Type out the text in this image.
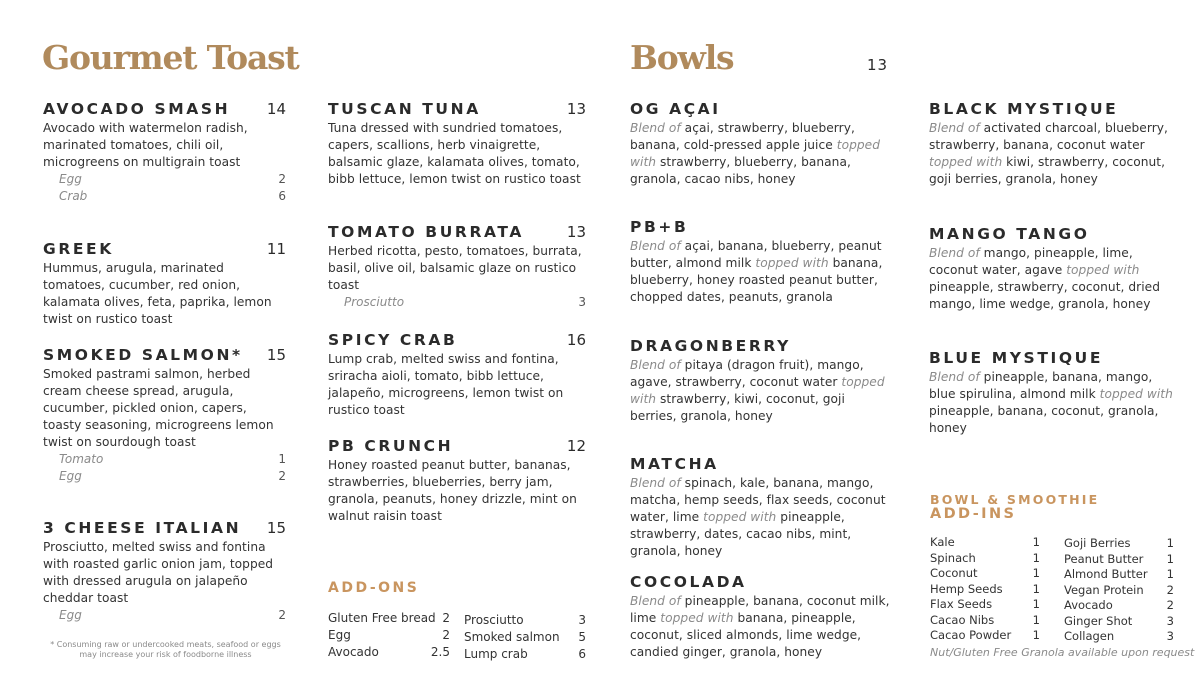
Gourmet Toast	Bowls	13
AVOCADO SMASH 14
Avocado with watermelon radish, marinated tomatoes, chili oil, microgreens on multigrain toast
Egg	2
Crab	6
GREEK	11
Hummus, arugula, marinated tomatoes, cucumber, red onion, kalamata olives, feta, paprika, lemon twist on rustico toast
SMOKED SALMON* 15
Smoked pastrami salmon, herbed cream cheese spread, arugula, cucumber, pickled onion, capers, toasty seasoning, microgreens lemon twist on sourdough toast
Tomato	1
Egg	2
3 CHEESE ITALIAN 15
Prosciutto, melted swiss and fontina with roasted garlic onion jam, topped with dressed arugula on jalapeño cheddar toast
Egg	2
* Consuming raw or undercooked meats, seafood or eggs may increase your risk of foodborne illness
TUSCAN TUNA	13
Tuna dressed with sundried tomatoes, capers, scallions, herb vinaigrette, balsamic glaze, kalamata olives, tomato, bibb lettuce, lemon twist on rustico toast
TOMATO BURRATA	13
Herbed ricotta, pesto, tomatoes, burrata, basil, olive oil, balsamic glaze on rustico toast
Prosciutto	3
SPICY CRAB	16
Lump crab, melted swiss and fontina, sriracha aioli, tomato, bibb lettuce, jalapeño, microgreens, lemon twist on rustico toast
PB CRUNCH	12
Honey roasted peanut butter, bananas, strawberries, blueberries, berry jam, granola, peanuts, honey drizzle, mint on walnut raisin toast
ADD-ONS
Gluten Free bread 2
Egg	2
Avocado	2.5
Prosciutto	3
Smoked salmon 5
Lump crab	6
OG AÇAI
Blend of açai, strawberry, blueberry, banana, cold-pressed apple juice topped with strawberry, blueberry, banana, granola, cacao nibs, honey
PB+B
Blend of açai, banana, blueberry, peanut butter, almond milk topped with banana, blueberry, honey roasted peanut butter, chopped dates, peanuts, granola
DRAGONBERRY
Blend of pitaya (dragon fruit), mango, agave, strawberry, coconut water topped with strawberry, kiwi, coconut, goji berries, granola, honey
MATCHA
Blend of spinach, kale, banana, mango, matcha, hemp seeds, flax seeds, coconut water, lime topped with pineapple, strawberry, dates, cacao nibs, mint, granola, honey
COCOLADA
Blend of pineapple, banana, coconut milk, lime topped with banana, pineapple, coconut, sliced almonds, lime wedge, candied ginger, granola, honey
BLACK MYSTIQUE
Blend of activated charcoal, blueberry, strawberry, banana, coconut water topped with kiwi, strawberry, coconut, goji berries, granola, honey
MANGO TANGO
Blend of mango, pineapple, lime, coconut water, agave topped with pineapple, strawberry, coconut, dried mango, lime wedge, granola, honey
BLUE MYSTIQUE
Blend of pineapple, banana, mango, blue spirulina, almond milk topped with pineapple, banana, coconut, granola, honey
BOWL & SMOOTHIE
ADD-INS
Kale	1
Spinach	1
Coconut	1
Hemp Seeds	1
Flax Seeds	1
Cacao Nibs	1
Cacao Powder 1
Goji Berries	1
Peanut Butter 1
Almond Butter 1
Vegan Protein 2
Avocado	2
Ginger Shot	3
Collagen	3
Nut/Gluten Free Granola available upon request
